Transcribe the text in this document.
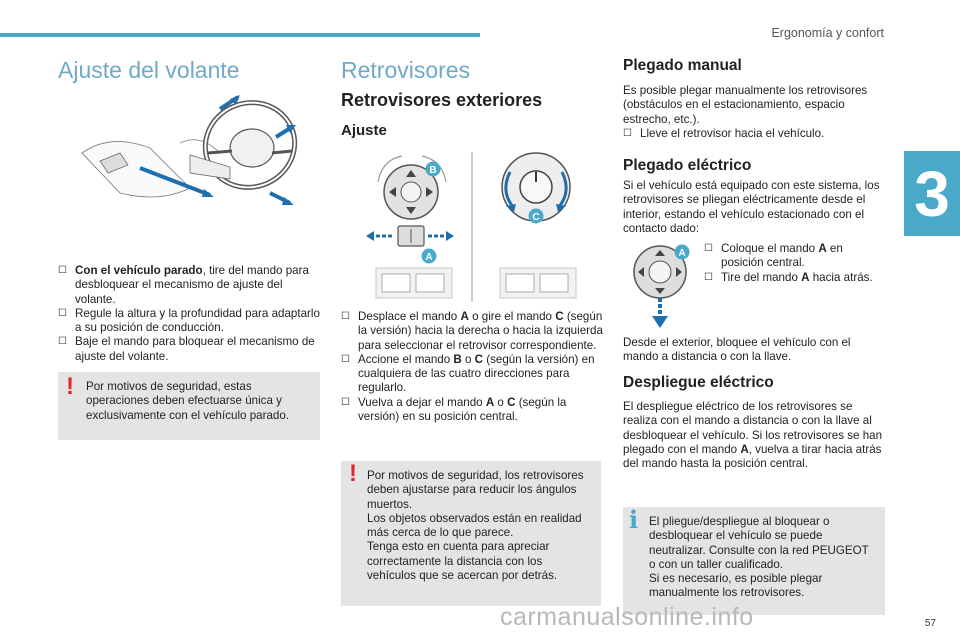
Ergonomía y confort
3
Ajuste del volante
☐ Con el vehículo parado, tire del mando para desbloquear el mecanismo de ajuste del volante.
☐ Regule la altura y la profundidad para adaptarlo a su posición de conducción.
☐ Baje el mando para bloquear el mecanismo de ajuste del volante.
! Por motivos de seguridad, estas operaciones deben efectuarse única y exclusivamente con el vehículo parado.
Retrovisores
Retrovisores exteriores
Ajuste
B
A
C
☐ Desplace el mando A o gire el mando C (según la versión) hacia la derecha o hacia la izquierda para seleccionar el retrovisor correspondiente.
☐ Accione el mando B o C (según la versión) en cualquiera de las cuatro direcciones para regularlo.
☐ Vuelva a dejar el mando A o C (según la versión) en su posición central.
! Por motivos de seguridad, los retrovisores deben ajustarse para reducir los ángulos muertos.
Los objetos observados están en realidad más cerca de lo que parece.
Tenga esto en cuenta para apreciar correctamente la distancia con los vehículos que se acercan por detrás.
Plegado manual
Es posible plegar manualmente los retrovisores (obstáculos en el estacionamiento, espacio estrecho, etc.).
☐ Lleve el retrovisor hacia el vehículo.
Plegado eléctrico
Si el vehículo está equipado con este sistema, los retrovisores se pliegan eléctricamente desde el interior, estando el vehículo estacionado con el contacto dado:
A ☐ Coloque el mando A en posición central.
☐ Tire del mando A hacia atrás.
Desde el exterior, bloquee el vehículo con el mando a distancia o con la llave.
Despliegue eléctrico
El despliegue eléctrico de los retrovisores se realiza con el mando a distancia o con la llave al desbloquear el vehículo. Si los retrovisores se han plegado con el mando A, vuelva a tirar hacia atrás del mando hasta la posición central.
i El pliegue/despliegue al bloquear o desbloquear el vehículo se puede neutralizar. Consulte con la red PEUGEOT o con un taller cualificado.
Si es necesario, es posible plegar manualmente los retrovisores.
carmanualsonline.info	57
